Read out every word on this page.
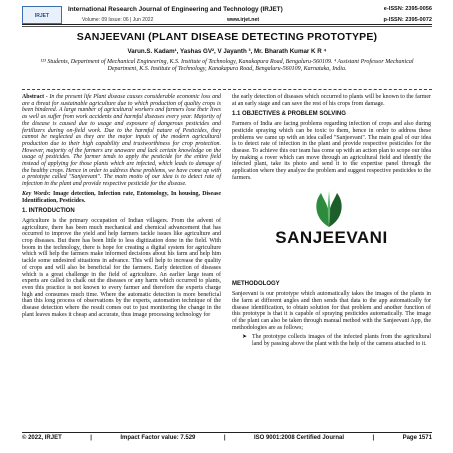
IRJET
International Research Journal of Engineering and Technology (IRJET)	e-ISSN: 2395-0056
Volume: 09 Issue: 06 | Jun 2022	www.irjet.net	p-ISSN: 2395-0072
SANJEEVANI (PLANT DISEASE DETECTING PROTOTYPE)
Varun.S. Kadam¹, Yashas GV², V Jayanth ³, Mr. Bharath Kumar K R ⁴
¹²³ Students, Department of Mechanical Engineering, K.S. Institute of Technology, Kanakapura Road, Bengaluru-560109. ⁴ Assistant Professor Mechanical Department, K.S. Institute of Technology, Kanakapura Road, Bengaluru-560109, Karnataka, India.

Abstract - In the present life Plant disease causes considerable economic loss and are a threat for sustainable agriculture due to which production of quality crops is been hindered. A large number of agricultural workers and farmers lose their lives as well as suffer from work accidents and harmful diseases every year. Majority of the disease is caused due to usage and exposure of dangerous pesticides and fertilizers during on-field work. Due to the harmful nature of Pesticides, they cannot be neglected as they are the major inputs of the modern agricultural production due to their high capability and trustworthiness for crop protection. However, majority of the farmers are unaware and lack certain knowledge on the usage of pesticides. The farmer tends to apply the pesticide for the entire field instead of applying for those plants which are infected, which leads to damage of the healthy crops. Hence in order to address these problems, we have come up with a prototype called "Sanjeevani". The main motto of our idea is to detect rate of infection in the plant and provide respective pesticide for the disease.

Key Words: Image detection, Infection rate, Entomology, In housing, Disease Identification, Pesticides.

1. INTRODUCTION

Agriculture is the primary occupation of Indian villagers. From the advent of agriculture, there has been much mechanical and chemical advancement that has occurred to improve the yield and help farmers tackle issues like agriculture and crop diseases. But there has been little to less digitization done in the field. With boom in the technology, there is hope for creating a digital system for agriculture which will help the farmers make informed decisions about his farm and help him tackle some undesired situations in advance. This will help to increase the quality of crops and will also be beneficial for the farmers. Early detection of diseases which is a great challenge in the field of agriculture. An earlier large team of experts are called to chalk out the diseases or any harm which occurred to plants, even this practice is not known to every farmer and therefore the experts charge high and consumes much time. Where the automatic detection is more beneficial than this long process of observations by the experts, automation technique of the disease detection where the result comes out to just monitoring the change in the plant leaves makes it cheap and accurate, thus image processing technology for

the early detection of diseases which occurred to plants will be known to the farmer at an early stage and can save the rest of his crops from damage.

1.1 OBJECTIVES & PROBLEM SOLVING

Farmers of India are facing problems regarding infection of crops and also during pesticide spraying which can be toxic to them, hence in order to address these problems we came up with an idea called "Sanjeevani". The main goal of our idea is to detect rate of infection in the plant and provide respective pesticides for the disease. To achieve this our team has come up with an action plan to scope our idea by making a rover which can move through an agricultural field and identify the infected plant, take its photo and send it to the expertise panel through the application where they analyze the problem and suggest respective pesticides to the farmers.

SANJEEVANI
METHODOLOGY

Sanjeevani is our prototype which automatically takes the images of the plants in the farm at different angles and then sends that data to the app automatically for disease identification, to obtain solution for that problem and another function of this prototype is that it is capable of spraying pesticides automatically. The image of the plant can also be taken through manual method with the Sanjeevani App, the methodologies are as follows;

➤ The prototype collects images of the infected plants from the agricultural land by passing above the plant with the help of the camera attached to it.
© 2022, IRJET	|	Impact Factor value: 7.529	|	ISO 9001:2008 Certified Journal	|	Page 1571
